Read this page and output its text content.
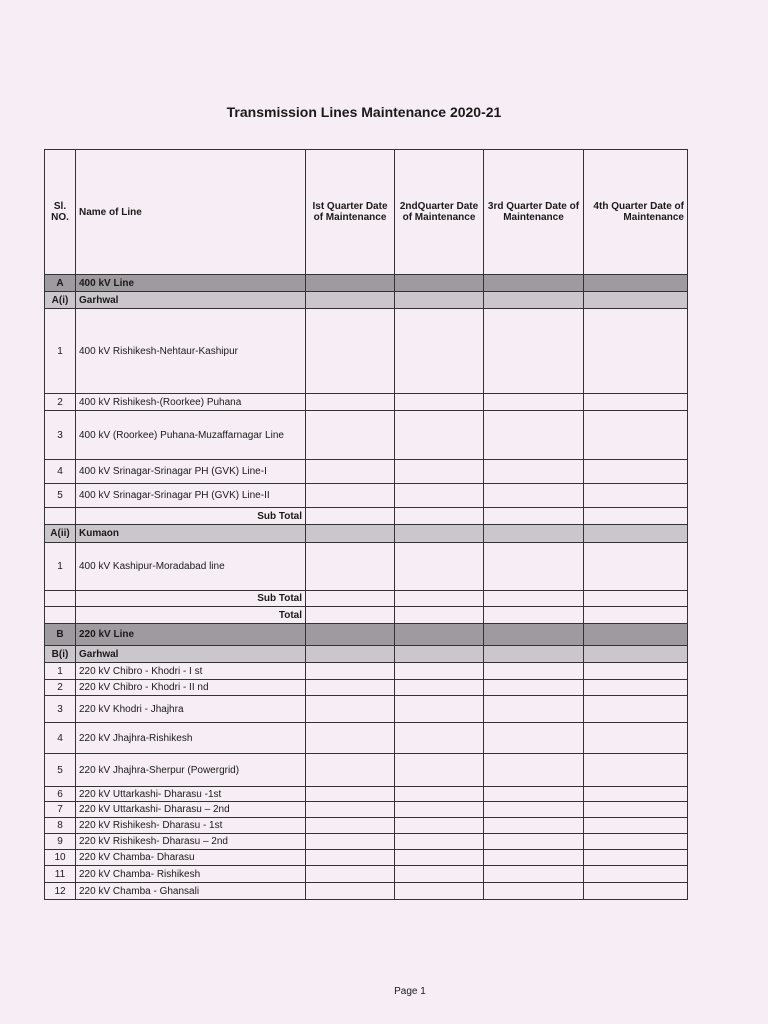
Transmission Lines Maintenance 2020-21
Sl. NO.	Name of Line	Ist Quarter Date of Maintenance	2ndQuarter Date of Maintenance	3rd Quarter Date of Maintenance	4th Quarter Date of Maintenance
A	400 kV Line				
A(i)	Garhwal				
1	400 kV Rishikesh-Nehtaur-Kashipur				
2	400 kV Rishikesh-(Roorkee) Puhana				
3	400 kV (Roorkee) Puhana-Muzaffarnagar Line				
4	400 kV Srinagar-Srinagar PH (GVK) Line-I				
5	400 kV Srinagar-Srinagar PH (GVK) Line-II				
	Sub Total				
A(ii)	Kumaon				
1	400 kV Kashipur-Moradabad line				
	Sub Total				
	Total				
B	220 kV Line				
B(i)	Garhwal				
1	220 kV Chibro - Khodri - I st				
2	220 kV Chibro - Khodri - II nd				
3	220 kV Khodri - Jhajhra				
4	220 kV Jhajhra-Rishikesh				
5	220 kV Jhajhra-Sherpur (Powergrid)				
6	220 kV Uttarkashi- Dharasu -1st				
7	220 kV Uttarkashi- Dharasu – 2nd				
8	220 kV Rishikesh- Dharasu - 1st				
9	220 kV Rishikesh- Dharasu – 2nd				
10	220 kV Chamba- Dharasu				
11	220 kV Chamba- Rishikesh				
12	220 kV Chamba - Ghansali				
Page 1
